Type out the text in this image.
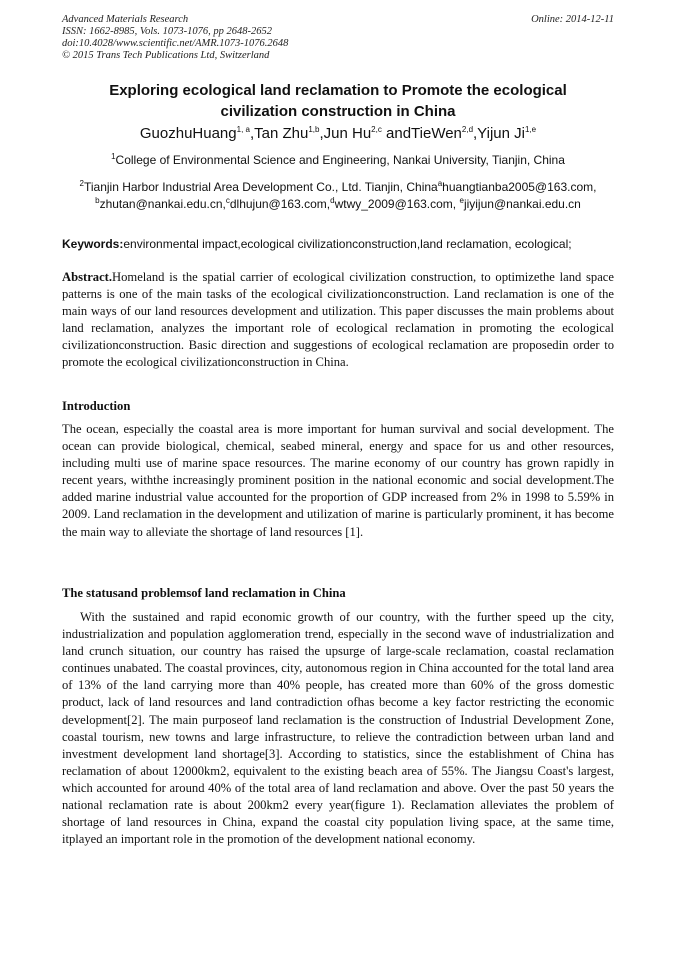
Advanced Materials Research
ISSN: 1662-8985, Vols. 1073-1076, pp 2648-2652
doi:10.4028/www.scientific.net/AMR.1073-1076.2648
© 2015 Trans Tech Publications Ltd, Switzerland
Online: 2014-12-11
Exploring ecological land reclamation to Promote the ecological
civilization construction in China
GuozhuHuang$^{1, a}$,Tan Zhu$^{1,b}$,Jun Hu$^{2,c}$ andTieWen$^{2,d}$,Yijun Ji$^{1,e}$
$^1$College of Environmental Science and Engineering, Nankai University, Tianjin, China
$^2$Tianjin Harbor Industrial Area Development Co., Ltd. Tianjin, China$^a$huangtianba2005@163.com,
$^b$zhutan@nankai.edu.cn,$^c$dlhujun@163.com,$^d$wtwy_2009@163.com, $^e$jiyijun@nankai.edu.cn
Keywords:environmental impact,ecological civilizationconstruction,land reclamation, ecological;
Abstract.Homeland is the spatial carrier of ecological civilization construction, to optimizethe land space patterns is one of the main tasks of the ecological civilizationconstruction. Land reclamation is one of the main ways of our land resources development and utilization. This paper discusses the main problems about land reclamation, analyzes the important role of ecological reclamation in promoting the ecological civilizationconstruction. Basic direction and suggestions of ecological reclamation are proposedin order to promote the ecological civilizationconstruction in China.
Introduction
The ocean, especially the coastal area is more important for human survival and social development. The ocean can provide biological, chemical, seabed mineral, energy and space for us and other resources, including multi use of marine space resources. The marine economy of our country has grown rapidly in recent years, withthe increasingly prominent position in the national economic and social development.The added marine industrial value accounted for the proportion of GDP increased from 2% in 1998 to 5.59% in 2009. Land reclamation in the development and utilization of marine is particularly prominent, it has become the main way to alleviate the shortage of land resources [1].
The statusand problemsof land reclamation in China
With the sustained and rapid economic growth of our country, with the further speed up the city, industrialization and population agglomeration trend, especially in the second wave of industrialization and land crunch situation, our country has raised the upsurge of large-scale reclamation, coastal reclamation continues unabated. The coastal provinces, city, autonomous region in China accounted for the total land area of 13% of the land carrying more than 40% people, has created more than 60% of the gross domestic product, lack of land resources and land contradiction ofhas become a key factor restricting the economic development[2]. The main purposeof land reclamation is the construction of Industrial Development Zone, coastal tourism, new towns and large infrastructure, to relieve the contradiction between urban land and investment development land shortage[3]. According to statistics, since the establishment of China has reclamation of about 12000km2, equivalent to the existing beach area of 55%. The Jiangsu Coast's largest, which accounted for around 40% of the total area of land reclamation and above. Over the past 50 years the national reclamation rate is about 200km2 every year(figure 1). Reclamation alleviates the problem of shortage of land resources in China, expand the coastal city population living space, at the same time, itplayed an important role in the promotion of the development national economy.
